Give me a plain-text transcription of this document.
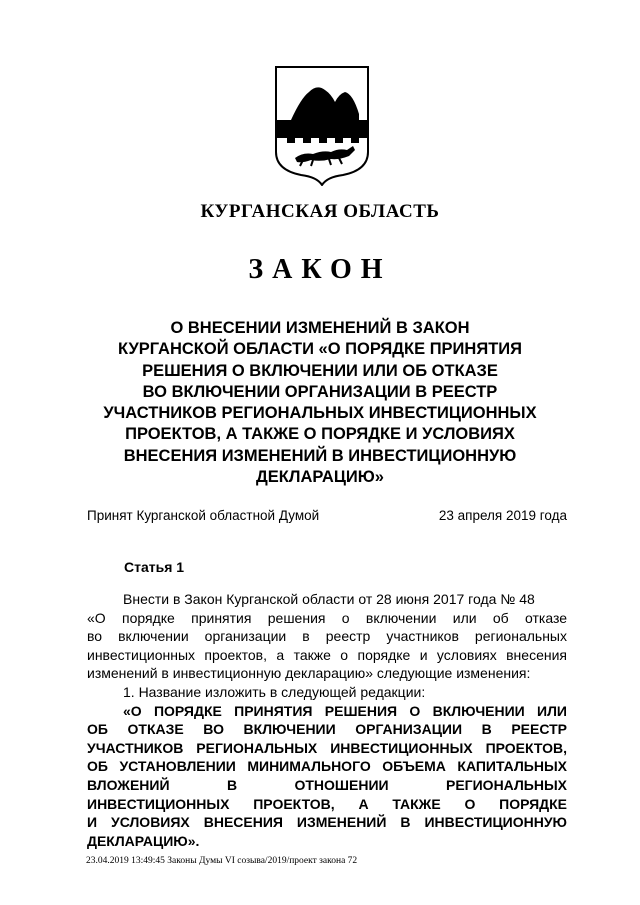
КУРГАНСКАЯ ОБЛАСТЬ
ЗАКОН
О ВНЕСЕНИИ ИЗМЕНЕНИЙ В ЗАКОН
КУРГАНСКОЙ ОБЛАСТИ «О ПОРЯДКЕ ПРИНЯТИЯ
РЕШЕНИЯ О ВКЛЮЧЕНИИ ИЛИ ОБ ОТКАЗЕ
ВО ВКЛЮЧЕНИИ ОРГАНИЗАЦИИ В РЕЕСТР
УЧАСТНИКОВ РЕГИОНАЛЬНЫХ ИНВЕСТИЦИОННЫХ
ПРОЕКТОВ, А ТАКЖЕ О ПОРЯДКЕ И УСЛОВИЯХ
ВНЕСЕНИЯ ИЗМЕНЕНИЙ В ИНВЕСТИЦИОННУЮ
ДЕКЛАРАЦИЮ»
Принят Курганской областной Думой	23 апреля 2019 года
Статья 1
Внести в Закон Курганской области от 28 июня 2017 года № 48
«О порядке принятия решения о включении или об отказе
во включении организации в реестр участников региональных
инвестиционных проектов, а также о порядке и условиях внесения
изменений в инвестиционную декларацию» следующие изменения:
1. Название изложить в следующей редакции:
«О ПОРЯДКЕ ПРИНЯТИЯ РЕШЕНИЯ О ВКЛЮЧЕНИИ ИЛИ
ОБ ОТКАЗЕ ВО ВКЛЮЧЕНИИ ОРГАНИЗАЦИИ В РЕЕСТР
УЧАСТНИКОВ РЕГИОНАЛЬНЫХ ИНВЕСТИЦИОННЫХ ПРОЕКТОВ,
ОБ УСТАНОВЛЕНИИ МИНИМАЛЬНОГО ОБЪЕМА КАПИТАЛЬНЫХ
ВЛОЖЕНИЙ В ОТНОШЕНИИ РЕГИОНАЛЬНЫХ
ИНВЕСТИЦИОННЫХ ПРОЕКТОВ, А ТАКЖЕ О ПОРЯДКЕ
И УСЛОВИЯХ ВНЕСЕНИЯ ИЗМЕНЕНИЙ В ИНВЕСТИЦИОННУЮ
ДЕКЛАРАЦИЮ».
23.04.2019 13:49:45 Законы Думы VI созыва/2019/проект закона 72
